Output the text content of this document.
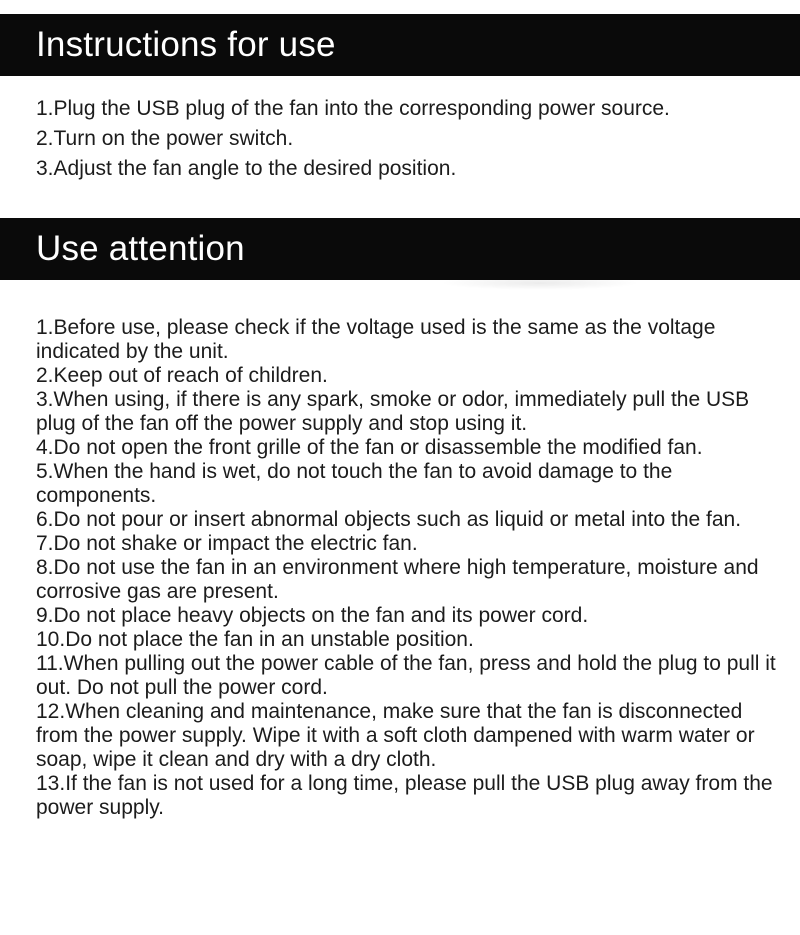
Instructions for use
1.Plug the USB plug of the fan into the corresponding power source.
2.Turn on the power switch.
3.Adjust the fan angle to the desired position.
Use attention
1.Before use, please check if the voltage used is the same as the voltage indicated by the unit.
2.Keep out of reach of children.
3.When using, if there is any spark, smoke or odor, immediately pull the USB plug of the fan off the power supply and stop using it.
4.Do not open the front grille of the fan or disassemble the modified fan.
5.When the hand is wet, do not touch the fan to avoid damage to the components.
6.Do not pour or insert abnormal objects such as liquid or metal into the fan.
7.Do not shake or impact the electric fan.
8.Do not use the fan in an environment where high temperature, moisture and corrosive gas are present.
9.Do not place heavy objects on the fan and its power cord.
10.Do not place the fan in an unstable position.
11.When pulling out the power cable of the fan, press and hold the plug to pull it out. Do not pull the power cord.
12.When cleaning and maintenance, make sure that the fan is disconnected from the power supply. Wipe it with a soft cloth dampened with warm water or soap, wipe it clean and dry with a dry cloth.
13.If the fan is not used for a long time, please pull the USB plug away from the power supply.
